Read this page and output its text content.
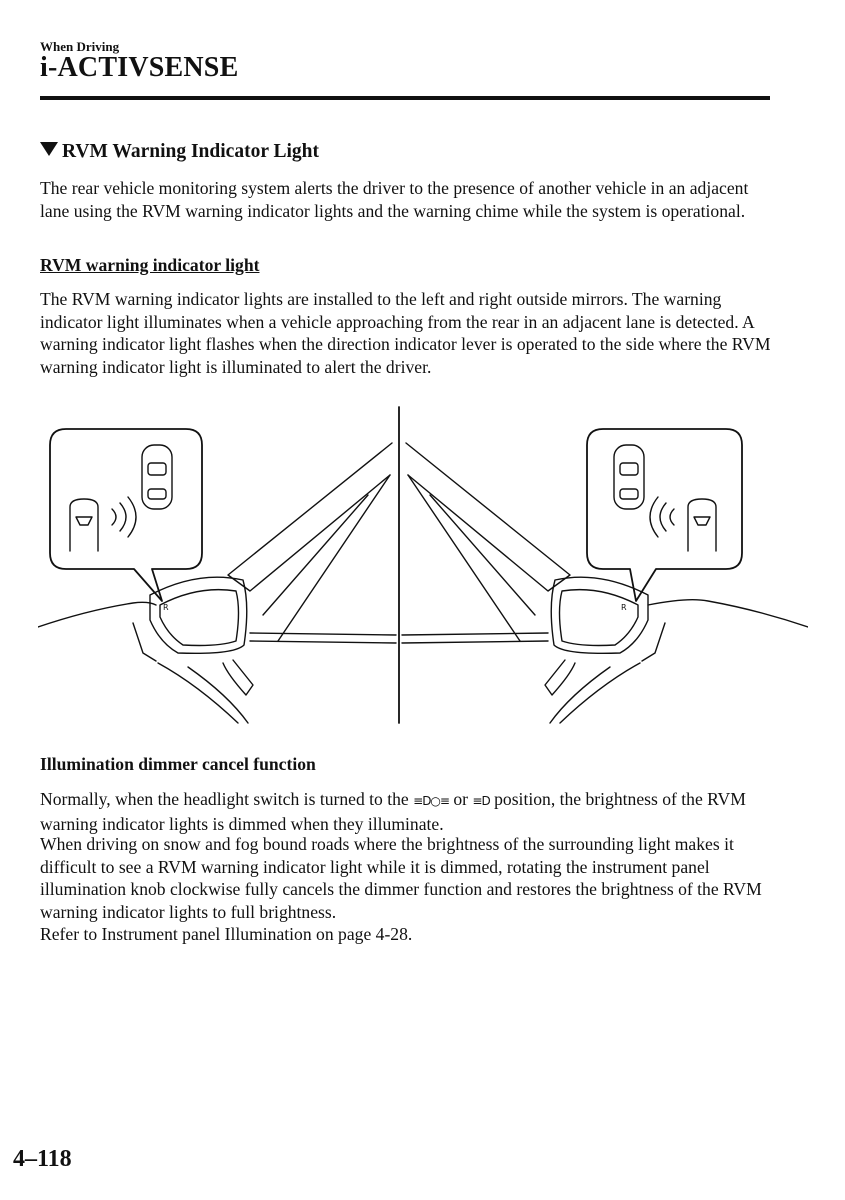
When Driving
i-ACTIVSENSE
RVM Warning Indicator Light

The rear vehicle monitoring system alerts the driver to the presence of another vehicle in an adjacent lane using the RVM warning indicator lights and the warning chime while the system is operational.

RVM warning indicator light

The RVM warning indicator lights are installed to the left and right outside mirrors. The warning indicator light illuminates when a vehicle approaching from the rear in an adjacent lane is detected. A warning indicator light flashes when the direction indicator lever is operated to the side where the RVM warning indicator light is illuminated to alert the driver.

R	R
Illumination dimmer cancel function

Normally, when the headlight switch is turned to the ≡D○≡ or ≡D position, the brightness of the RVM warning indicator lights is dimmed when they illuminate.

When driving on snow and fog bound roads where the brightness of the surrounding light makes it difficult to see a RVM warning indicator light while it is dimmed, rotating the instrument panel illumination knob clockwise fully cancels the dimmer function and restores the brightness of the RVM warning indicator lights to full brightness.

Refer to Instrument panel Illumination on page 4-28.

4–118
